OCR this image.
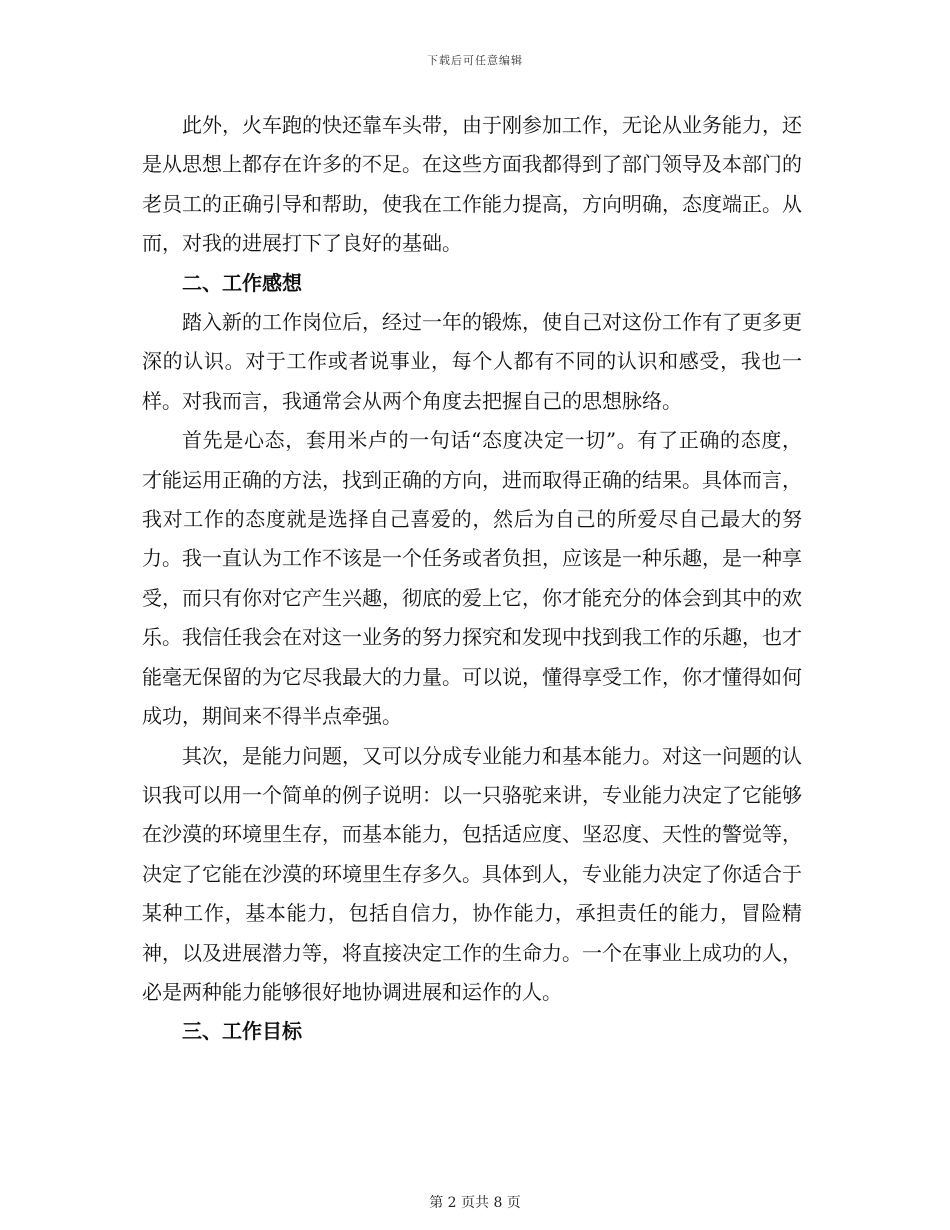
下载后可任意编辑

此外，火车跑的快还靠车头带，由于刚参加工作，无论从业务能力，还是从思想上都存在许多的不足。在这些方面我都得到了部门领导及本部门的老员工的正确引导和帮助，使我在工作能力提高，方向明确，态度端正。从而，对我的进展打下了良好的基础。

二、工作感想

踏入新的工作岗位后，经过一年的锻炼，使自己对这份工作有了更多更深的认识。对于工作或者说事业，每个人都有不同的认识和感受，我也一样。对我而言，我通常会从两个角度去把握自己的思想脉络。

首先是心态，套用米卢的一句话“态度决定一切”。有了正确的态度，才能运用正确的方法，找到正确的方向，进而取得正确的结果。具体而言，我对工作的态度就是选择自己喜爱的，然后为自己的所爱尽自己最大的努力。我一直认为工作不该是一个任务或者负担，应该是一种乐趣，是一种享受，而只有你对它产生兴趣，彻底的爱上它，你才能充分的体会到其中的欢乐。我信任我会在对这一业务的努力探究和发现中找到我工作的乐趣，也才能毫无保留的为它尽我最大的力量。可以说，懂得享受工作，你才懂得如何成功，期间来不得半点牵强。

其次，是能力问题，又可以分成专业能力和基本能力。对这一问题的认识我可以用一个简单的例子说明：以一只骆驼来讲，专业能力决定了它能够在沙漠的环境里生存，而基本能力，包括适应度、坚忍度、天性的警觉等，决定了它能在沙漠的环境里生存多久。具体到人，专业能力决定了你适合于某种工作，基本能力，包括自信力，协作能力，承担责任的能力，冒险精神，以及进展潜力等，将直接决定工作的生命力。一个在事业上成功的人，必是两种能力能够很好地协调进展和运作的人。

三、工作目标
第 2 页共 8 页
